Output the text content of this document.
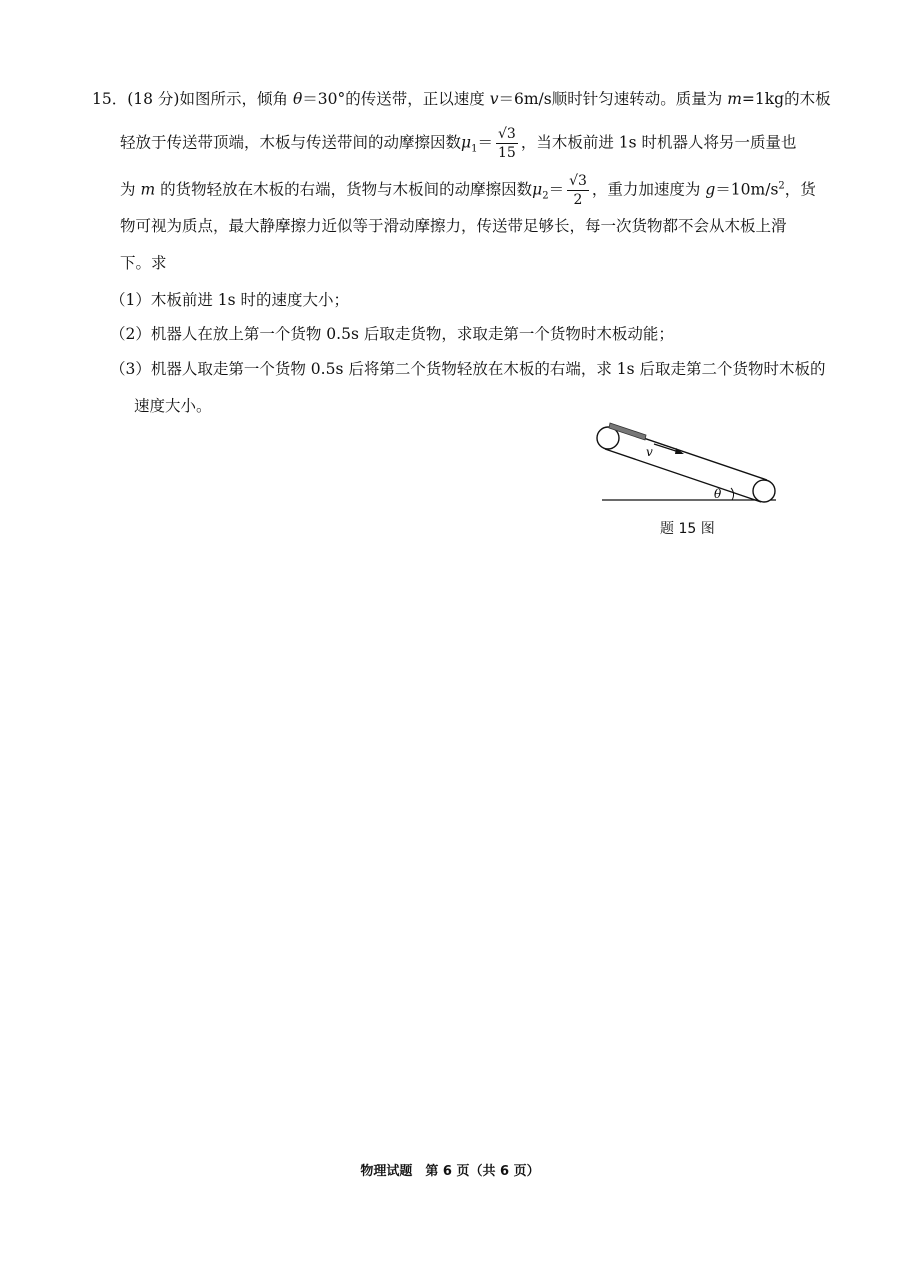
15．(18 分)如图所示，倾角 θ＝30°的传送带，正以速度 v＝6m/s顺时针匀速转动。质量为 m=1kg的木板
轻放于传送带顶端，木板与传送带间的动摩擦因数$\mu_1= \frac{√3}{15}$ ，当木板前进 1s 时机器人将另一质量也
为 m 的货物轻放在木板的右端，货物与木板间的动摩擦因数$\mu_2= \frac{√3}{2}$ ，重力加速度为 $g=10m/s^2$，货
物可视为质点，最大静摩擦力近似等于滑动摩擦力，传送带足够长，每一次货物都不会从木板上滑
下。求
（1）木板前进 1s 时的速度大小；
（2）机器人在放上第一个货物 0.5s 后取走货物，求取走第一个货物时木板动能；
（3）机器人取走第一个货物 0.5s 后将第二个货物轻放在木板的右端，求 1s 后取走第二个货物时木板的
速度大小。
v
θ
题 15 图
物理试题　第 6 页（共 6 页）
